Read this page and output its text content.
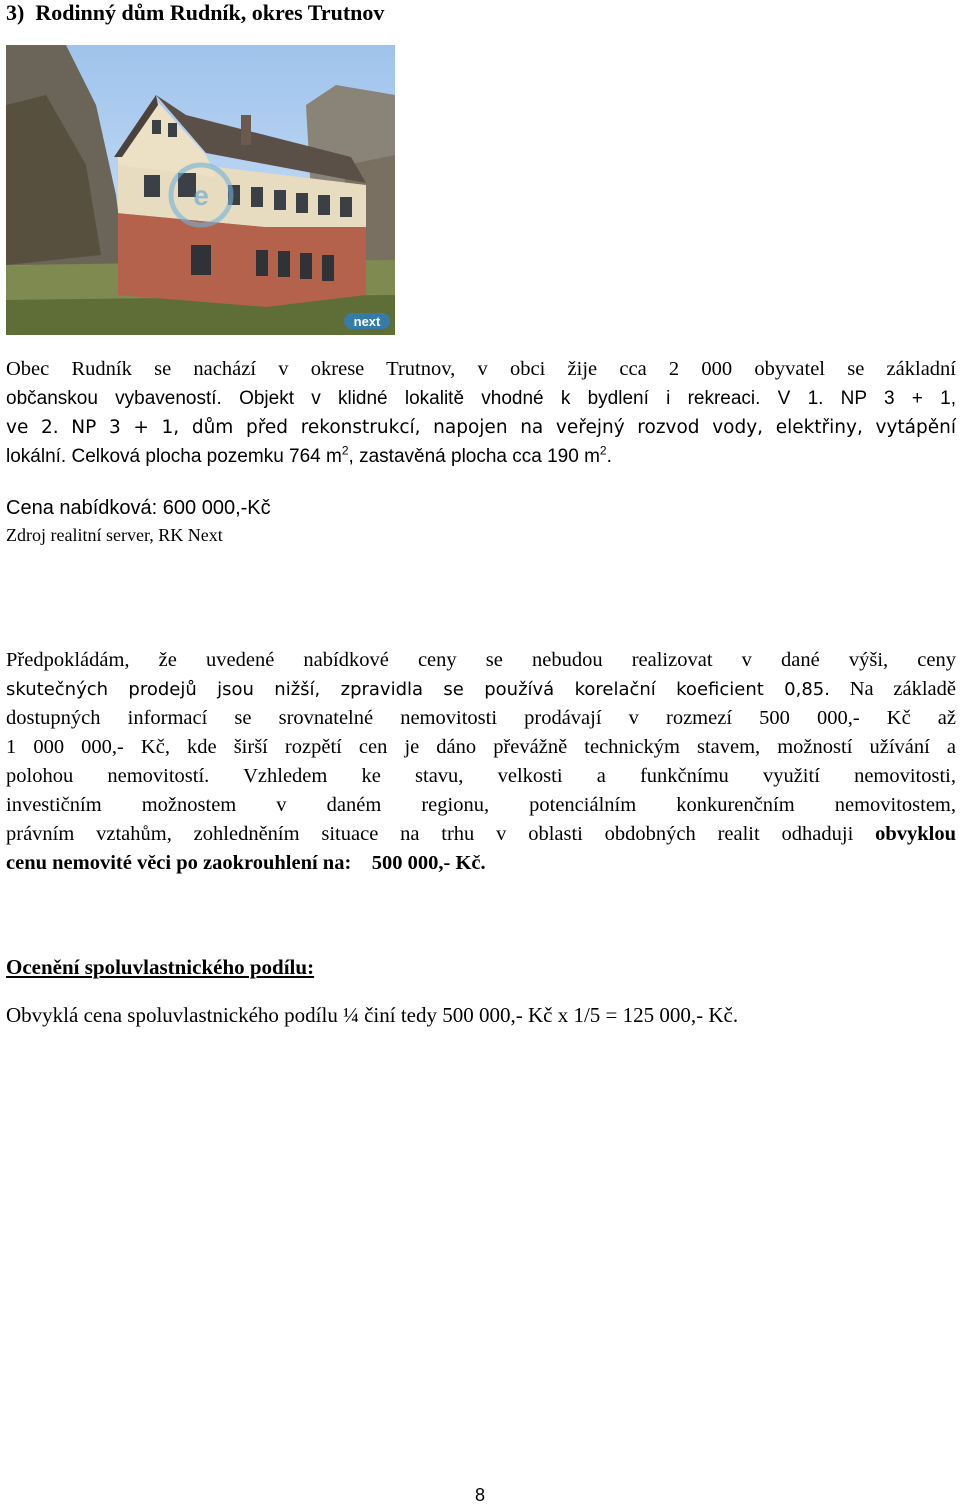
3)  Rodinný dům Rudník, okres Trutnov
e
next
Obec Rudník se nachází v okrese Trutnov, v obci žije cca 2 000 obyvatel se základní
občanskou vybaveností. Objekt v klidné lokalitě vhodné k bydlení i rekreaci. V 1. NP 3 + 1,
ve 2. NP 3 + 1, dům před rekonstrukcí, napojen na veřejný rozvod vody, elektřiny, vytápění
lokální. Celková plocha pozemku 764 $m^2$, zastavěná plocha cca 190 $m^2$.
Cena nabídková: 600 000,-Kč
Zdroj realitní server, RK Next
Předpokládám, že uvedené nabídkové ceny se nebudou realizovat v dané výši, ceny
skutečných prodejů jsou nižší, zpravidla se používá korelační koeficient 0,85. Na základě
dostupných informací se srovnatelné nemovitosti prodávají v rozmezí 500 000,- Kč až
1 000 000,- Kč, kde širší rozpětí cen je dáno převážně technickým stavem, možností užívání a
polohou nemovitostí. Vzhledem ke stavu, velkosti a funkčnímu využití nemovitosti,
investičním možnostem v daném regionu, potenciálním konkurenčním nemovitostem,
právním vztahům, zohledněním situace na trhu v oblasti obdobných realit odhaduji obvyklou
cenu nemovité věci po zaokrouhlení na:    500 000,- Kč.
Ocenění spoluvlastnického podílu:
Obvyklá cena spoluvlastnického podílu ¼ činí tedy 500 000,- Kč x 1/5 = 125 000,- Kč.
8
